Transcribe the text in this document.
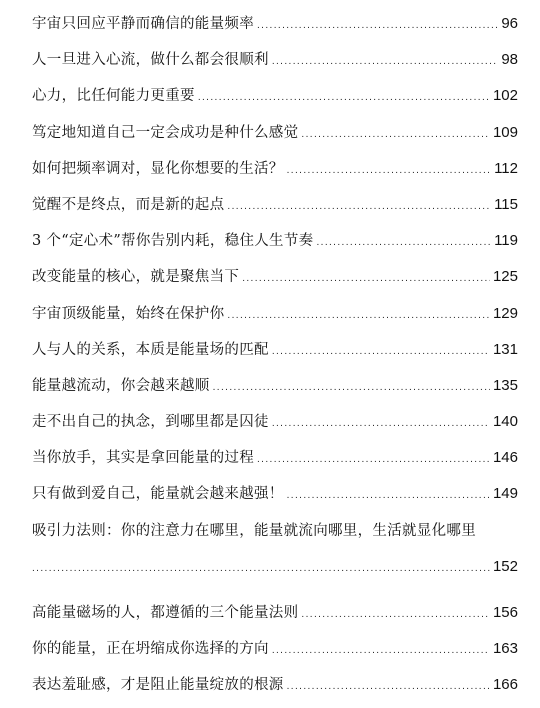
宇宙只回应平静而确信的能量频率 .....	96
人一旦进入心流，做什么都会很顺利 .....	98
心力，比任何能力更重要 .....	102
笃定地知道自己一定会成功是种什么感觉 .....	109
如何把频率调对，显化你想要的生活？ .....	112
觉醒不是终点，而是新的起点 .....	115
3 个“定心术”帮你告别内耗，稳住人生节奏 .....	119
改变能量的核心，就是聚焦当下 .....	125
宇宙顶级能量，始终在保护你 .....	129
人与人的关系，本质是能量场的匹配 .....	131
能量越流动，你会越来越顺 .....	135
走不出自己的执念，到哪里都是囚徒 .....	140
当你放手，其实是拿回能量的过程 .....	146
只有做到爱自己，能量就会越来越强！ .....	149
吸引力法则：你的注意力在哪里，能量就流向哪里，生活就显化哪里
.....
152
高能量磁场的人，都遵循的三个能量法则 .....	156
你的能量，正在坍缩成你选择的方向 .....	163
表达羞耻感，才是阻止能量绽放的根源 .....	166
